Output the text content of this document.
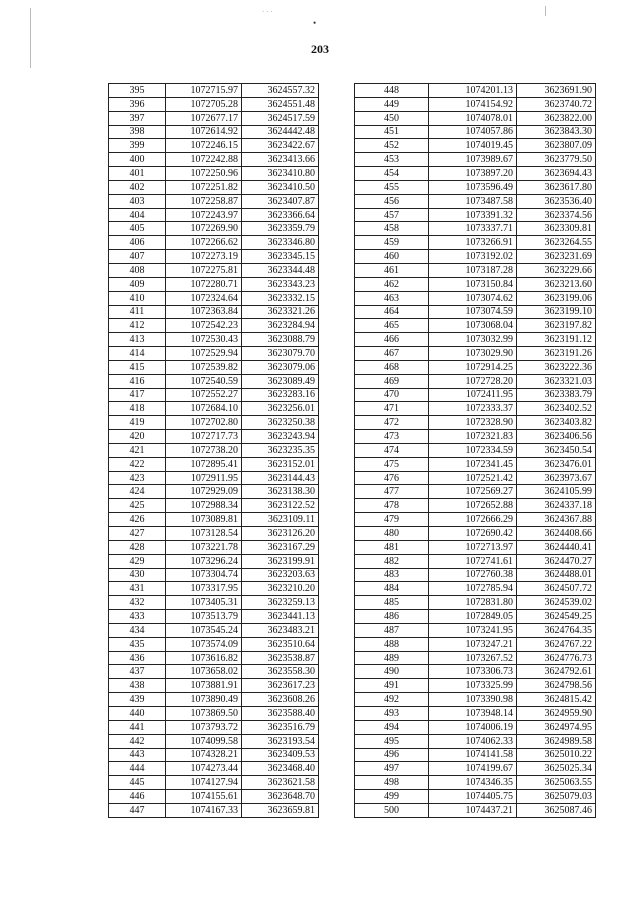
· · ·
•
203
395	1072715.97	3624557.32
396	1072705.28	3624551.48
397	1072677.17	3624517.59
398	1072614.92	3624442.48
399	1072246.15	3623422.67
400	1072242.88	3623413.66
401	1072250.96	3623410.80
402	1072251.82	3623410.50
403	1072258.87	3623407.87
404	1072243.97	3623366.64
405	1072269.90	3623359.79
406	1072266.62	3623346.80
407	1072273.19	3623345.15
408	1072275.81	3623344.48
409	1072280.71	3623343.23
410	1072324.64	3623332.15
411	1072363.84	3623321.26
412	1072542.23	3623284.94
413	1072530.43	3623088.79
414	1072529.94	3623079.70
415	1072539.82	3623079.06
416	1072540.59	3623089.49
417	1072552.27	3623283.16
418	1072684.10	3623256.01
419	1072702.80	3623250.38
420	1072717.73	3623243.94
421	1072738.20	3623235.35
422	1072895.41	3623152.01
423	1072911.95	3623144.43
424	1072929.09	3623138.30
425	1072988.34	3623122.52
426	1073089.81	3623109.11
427	1073128.54	3623126.20
428	1073221.78	3623167.29
429	1073296.24	3623199.91
430	1073304.74	3623203.63
431	1073317.95	3623210.20
432	1073405.31	3623259.13
433	1073513.79	3623441.13
434	1073545.24	3623483.21
435	1073574.09	3623510.64
436	1073616.82	3623538.87
437	1073658.02	3623558.30
438	1073881.91	3623617.23
439	1073890.49	3623608.26
440	1073869.50	3623588.40
441	1073793.72	3623516.79
442	1074099.58	3623193.54
443	1074328.21	3623409.53
444	1074273.44	3623468.40
445	1074127.94	3623621.58
446	1074155.61	3623648.70
447	1074167.33	3623659.81
448	1074201.13	3623691.90
449	1074154.92	3623740.72
450	1074078.01	3623822.00
451	1074057.86	3623843.30
452	1074019.45	3623807.09
453	1073989.67	3623779.50
454	1073897.20	3623694.43
455	1073596.49	3623617.80
456	1073487.58	3623536.40
457	1073391.32	3623374.56
458	1073337.71	3623309.81
459	1073266.91	3623264.55
460	1073192.02	3623231.69
461	1073187.28	3623229.66
462	1073150.84	3623213.60
463	1073074.62	3623199.06
464	1073074.59	3623199.10
465	1073068.04	3623197.82
466	1073032.99	3623191.12
467	1073029.90	3623191.26
468	1072914.25	3623222.36
469	1072728.20	3623321.03
470	1072411.95	3623383.79
471	1072333.37	3623402.52
472	1072328.90	3623403.82
473	1072321.83	3623406.56
474	1072334.59	3623450.54
475	1072341.45	3623476.01
476	1072521.42	3623973.67
477	1072569.27	3624105.99
478	1072652.88	3624337.18
479	1072666.29	3624367.88
480	1072690.42	3624408.66
481	1072713.97	3624440.41
482	1072741.61	3624470.27
483	1072760.38	3624488.01
484	1072785.94	3624507.72
485	1072831.80	3624539.02
486	1072849.05	3624549.25
487	1073241.95	3624764.35
488	1073247.21	3624767.22
489	1073267.52	3624776.73
490	1073306.73	3624792.61
491	1073325.99	3624798.56
492	1073390.98	3624815.42
493	1073948.14	3624959.90
494	1074006.19	3624974.95
495	1074062.33	3624989.58
496	1074141.58	3625010.22
497	1074199.67	3625025.34
498	1074346.35	3625063.55
499	1074405.75	3625079.03
500	1074437.21	3625087.46
